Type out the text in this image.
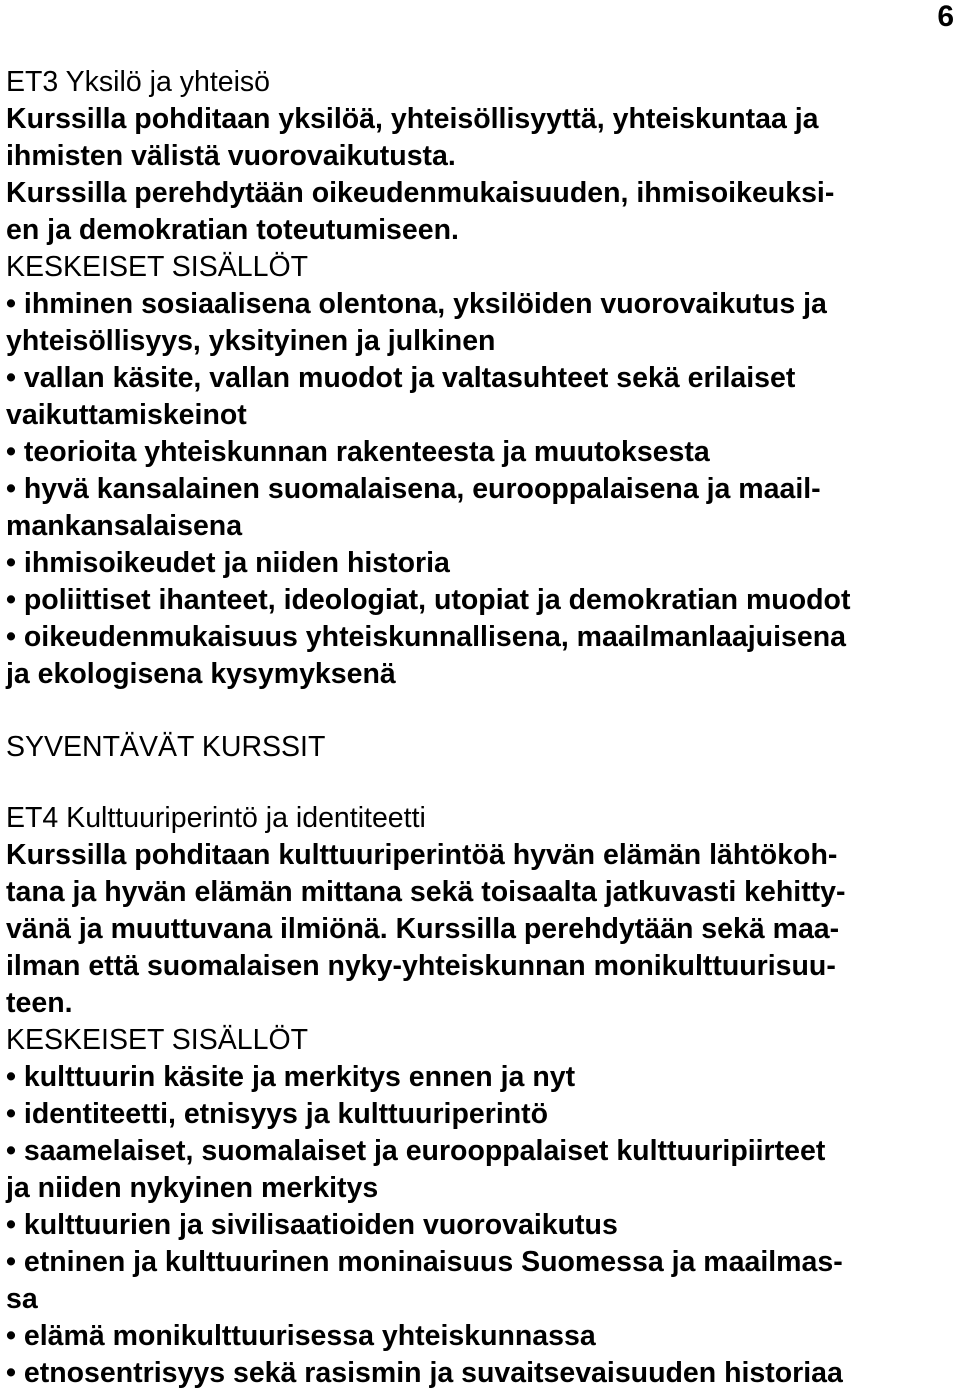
6
ET3 Yksilö ja yhteisö
Kurssilla pohditaan yksilöä, yhteisöllisyyttä, yhteiskuntaa ja
ihmisten välistä vuorovaikutusta.
Kurssilla perehdytään oikeudenmukaisuuden, ihmisoikeuksi-
en ja demokratian toteutumiseen.
KESKEISET SISÄLLÖT
• ihminen sosiaalisena olentona, yksilöiden vuorovaikutus ja
yhteisöllisyys, yksityinen ja julkinen
• vallan käsite, vallan muodot ja valtasuhteet sekä erilaiset
vaikuttamiskeinot
• teorioita yhteiskunnan rakenteesta ja muutoksesta
• hyvä kansalainen suomalaisena, eurooppalaisena ja maail-
mankansalaisena
• ihmisoikeudet ja niiden historia
• poliittiset ihanteet, ideologiat, utopiat ja demokratian muodot
• oikeudenmukaisuus yhteiskunnallisena, maailmanlaajuisena
ja ekologisena kysymyksenä
SYVENTÄVÄT KURSSIT
ET4 Kulttuuriperintö ja identiteetti
Kurssilla pohditaan kulttuuriperintöä hyvän elämän lähtökoh-
tana ja hyvän elämän mittana sekä toisaalta jatkuvasti kehitty-
vänä ja muuttuvana ilmiönä. Kurssilla perehdytään sekä maa-
ilman että suomalaisen nyky-yhteiskunnan monikulttuurisuu-
teen.
KESKEISET SISÄLLÖT
• kulttuurin käsite ja merkitys ennen ja nyt
• identiteetti, etnisyys ja kulttuuriperintö
• saamelaiset, suomalaiset ja eurooppalaiset kulttuuripiirteet
ja niiden nykyinen merkitys
• kulttuurien ja sivilisaatioiden vuorovaikutus
• etninen ja kulttuurinen moninaisuus Suomessa ja maailmas-
sa
• elämä monikulttuurisessa yhteiskunnassa
• etnosentrisyys sekä rasismin ja suvaitsevaisuuden historiaa
